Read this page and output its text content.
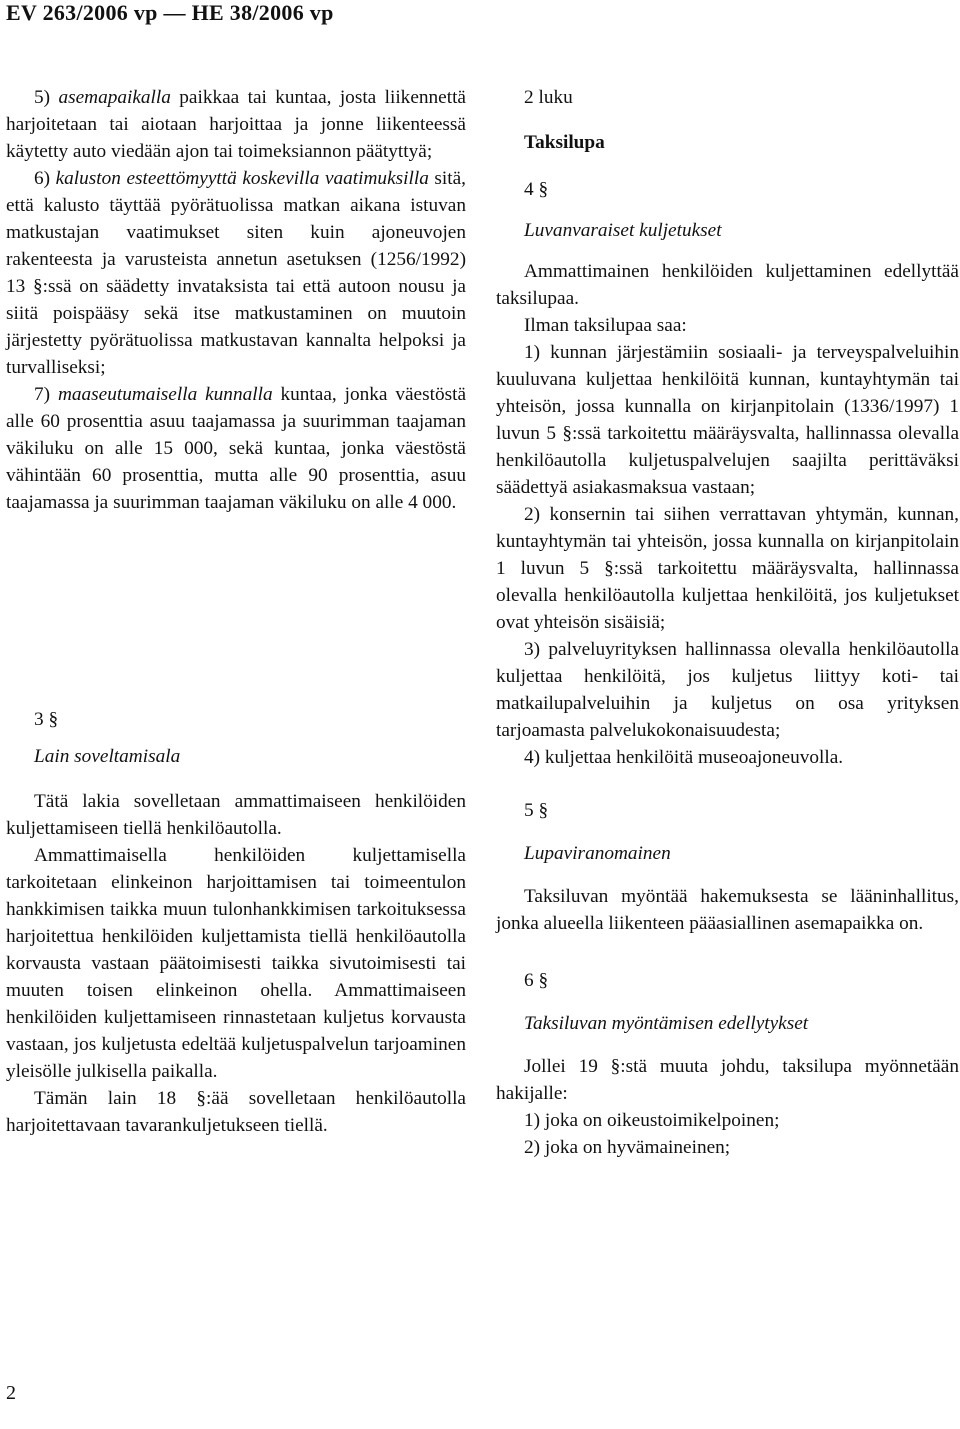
EV 263/2006 vp — HE 38/2006 vp

5) asemapaikalla paikkaa tai kuntaa, josta liikennettä harjoitetaan tai aiotaan harjoittaa ja jonne liikenteessä käytetty auto viedään ajon tai toimeksiannon päätyttyä;

6) kaluston esteettömyyttä koskevilla vaatimuksilla sitä, että kalusto täyttää pyörätuolissa matkan aikana istuvan matkustajan vaatimukset siten kuin ajoneuvojen rakenteesta ja varusteista annetun asetuksen (1256/1992) 13 §:ssä on säädetty invataksista tai että autoon nousu ja siitä poispääsy sekä itse matkustaminen on muutoin järjestetty pyörätuolissa matkustavan kannalta helpoksi ja turvalliseksi;

7) maaseutumaisella kunnalla kuntaa, jonka väestöstä alle 60 prosenttia asuu taajamassa ja suurimman taajaman väkiluku on alle 15 000, sekä kuntaa, jonka väestöstä vähintään 60 prosenttia, mutta alle 90 prosenttia, asuu taajamassa ja suurimman taajaman väkiluku on alle 4 000.

3 §

Lain soveltamisala

Tätä lakia sovelletaan ammattimaiseen henkilöiden kuljettamiseen tiellä henkilöautolla.

Ammattimaisella henkilöiden kuljettamisella tarkoitetaan elinkeinon harjoittamisen tai toimeentulon hankkimisen taikka muun tulonhankkimisen tarkoituksessa harjoitettua henkilöiden kuljettamista tiellä henkilöautolla korvausta vastaan päätoimisesti taikka sivutoimisesti tai muuten toisen elinkeinon ohella. Ammattimaiseen henkilöiden kuljettamiseen rinnastetaan kuljetus korvausta vastaan, jos kuljetusta edeltää kuljetuspalvelun tarjoaminen yleisölle julkisella paikalla.

Tämän lain 18 §:ää sovelletaan henkilöautolla harjoitettavaan tavarankuljetukseen tiellä.

2 luku

Taksilupa

4 §

Luvanvaraiset kuljetukset

Ammattimainen henkilöiden kuljettaminen edellyttää taksilupaa.

Ilman taksilupaa saa:

1) kunnan järjestämiin sosiaali- ja terveyspalveluihin kuuluvana kuljettaa henkilöitä kunnan, kuntayhtymän tai yhteisön, jossa kunnalla on kirjanpitolain (1336/1997) 1 luvun 5 §:ssä tarkoitettu määräysvalta, hallinnassa olevalla henkilöautolla kuljetuspalvelujen saajilta perittäväksi säädettyä asiakasmaksua vastaan;

2) konsernin tai siihen verrattavan yhtymän, kunnan, kuntayhtymän tai yhteisön, jossa kunnalla on kirjanpitolain 1 luvun 5 §:ssä tarkoitettu määräysvalta, hallinnassa olevalla henkilöautolla kuljettaa henkilöitä, jos kuljetukset ovat yhteisön sisäisiä;

3) palveluyrityksen hallinnassa olevalla henkilöautolla kuljettaa henkilöitä, jos kuljetus liittyy koti- tai matkailupalveluihin ja kuljetus on osa yrityksen tarjoamasta palvelukokonaisuudesta;

4) kuljettaa henkilöitä museoajoneuvolla.

5 §

Lupaviranomainen

Taksiluvan myöntää hakemuksesta se lääninhallitus, jonka alueella liikenteen pääasiallinen asemapaikka on.

6 §

Taksiluvan myöntämisen edellytykset

Jollei 19 §:stä muuta johdu, taksilupa myönnetään hakijalle:

1) joka on oikeustoimikelpoinen;

2) joka on hyvämaineinen;

2
